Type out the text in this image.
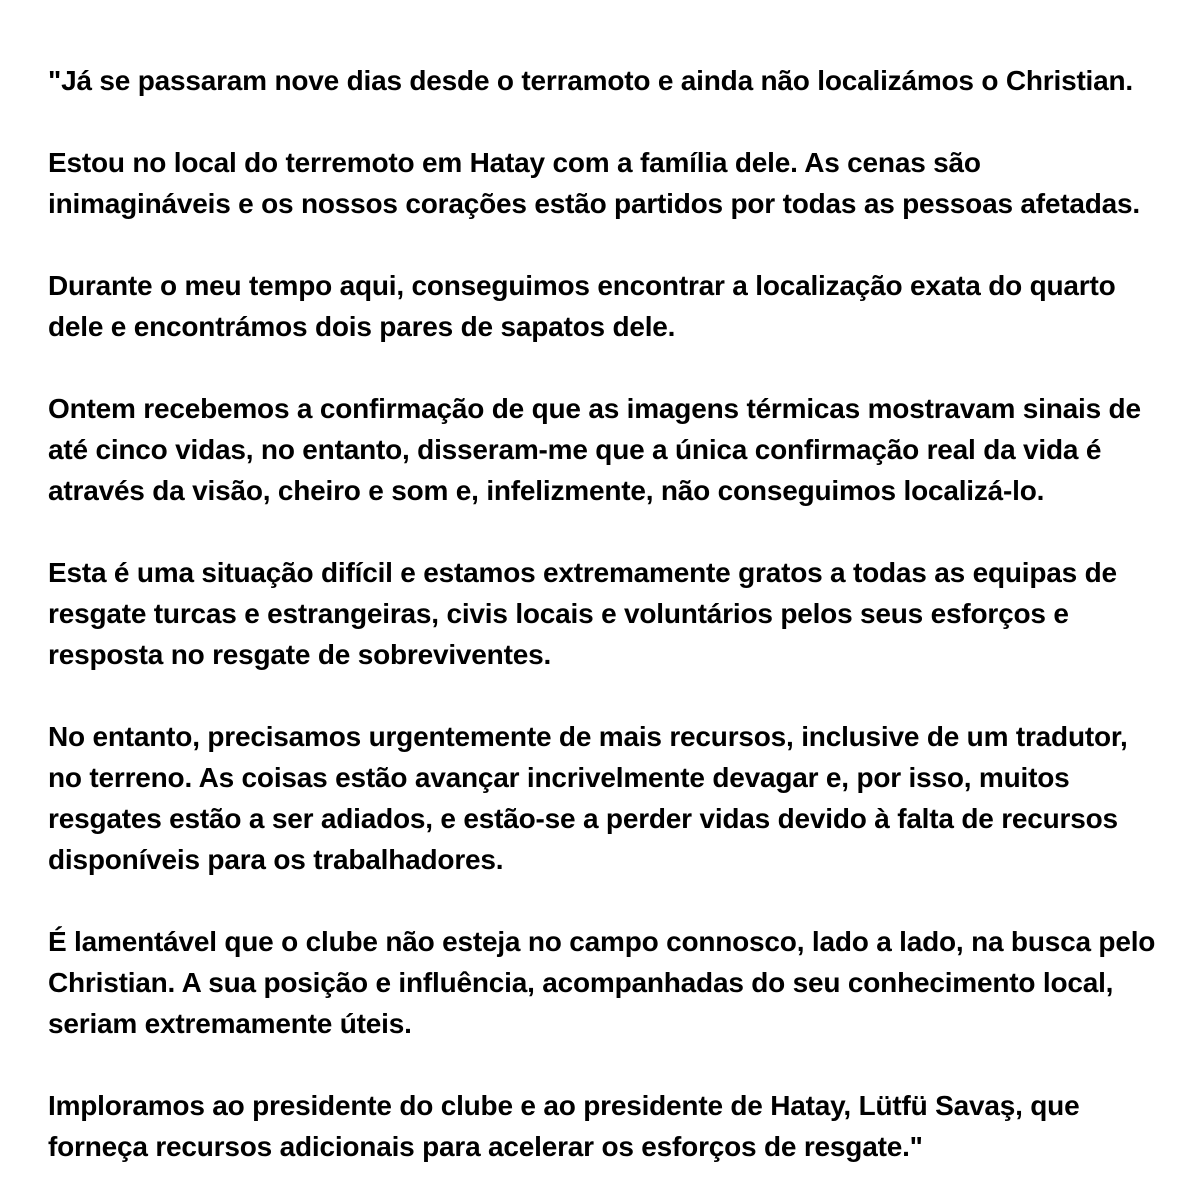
"Já se passaram nove dias desde o terramoto e ainda não localizámos o Christian.

Estou no local do terremoto em Hatay com a família dele. As cenas são
inimagináveis e os nossos corações estão partidos por todas as pessoas afetadas.

Durante o meu tempo aqui, conseguimos encontrar a localização exata do quarto
dele e encontrámos dois pares de sapatos dele.

Ontem recebemos a confirmação de que as imagens térmicas mostravam sinais de
até cinco vidas, no entanto, disseram-me que a única confirmação real da vida é
através da visão, cheiro e som e, infelizmente, não conseguimos localizá-lo.

Esta é uma situação difícil e estamos extremamente gratos a todas as equipas de
resgate turcas e estrangeiras, civis locais e voluntários pelos seus esforços e
resposta no resgate de sobreviventes.

No entanto, precisamos urgentemente de mais recursos, inclusive de um tradutor,
no terreno. As coisas estão avançar incrivelmente devagar e, por isso, muitos
resgates estão a ser adiados, e estão-se a perder vidas devido à falta de recursos
disponíveis para os trabalhadores.

É lamentável que o clube não esteja no campo connosco, lado a lado, na busca pelo
Christian. A sua posição e influência, acompanhadas do seu conhecimento local,
seriam extremamente úteis.

Imploramos ao presidente do clube e ao presidente de Hatay, Lütfü Savaş, que
forneça recursos adicionais para acelerar os esforços de resgate."
